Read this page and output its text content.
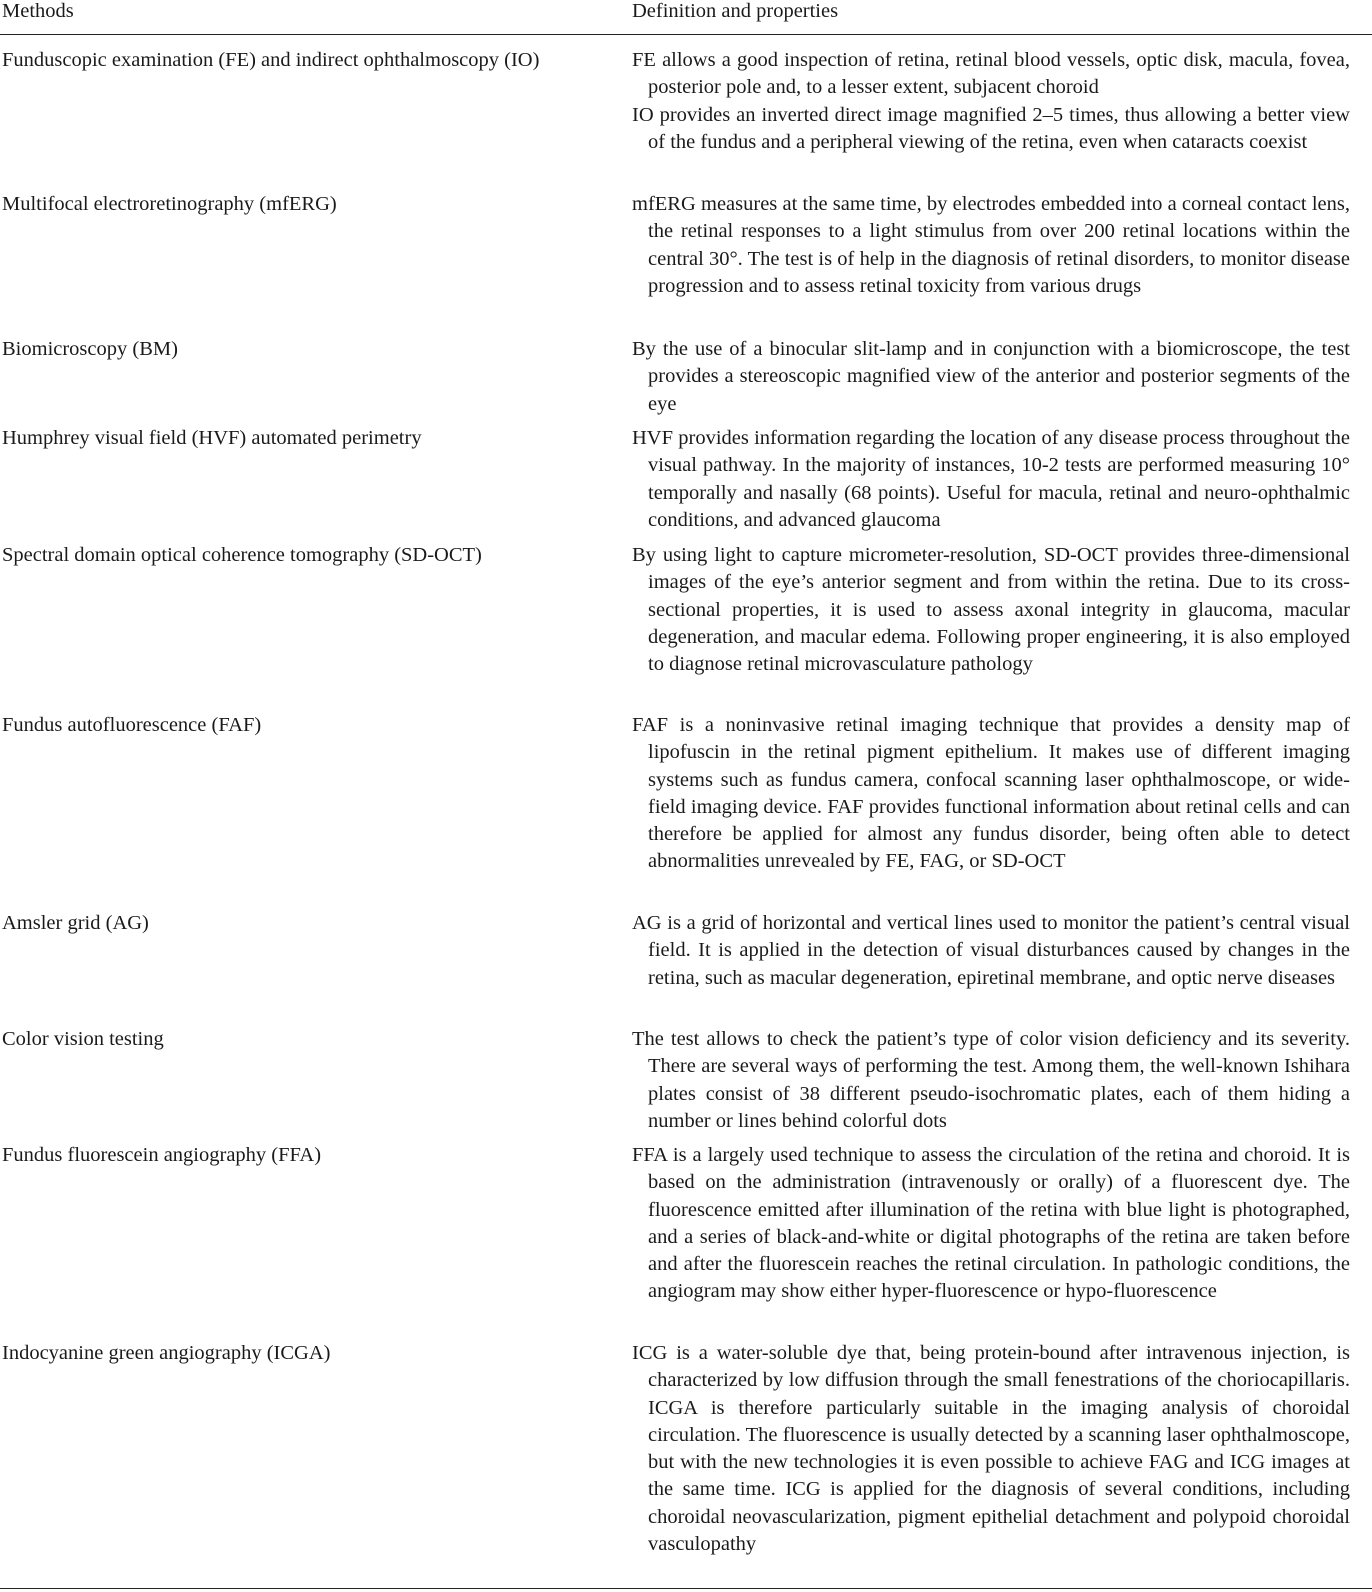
Methods	Definition and properties
Funduscopic examination (FE) and indirect ophthalmoscopy (IO)	FE allows a good inspection of retina, retinal blood vessels, optic disk, macula, fovea, posterior pole and, to a lesser extent, subjacent choroid

IO provides an inverted direct image magnified 2–5 times, thus allowing a better view of the fundus and a peripheral viewing of the retina, even when cataracts coexist

Multifocal electroretinography (mfERG)	mfERG measures at the same time, by electrodes embedded into a corneal contact lens, the retinal responses to a light stimulus from over 200 retinal locations within the central 30°. The test is of help in the diagnosis of retinal disorders, to monitor disease progression and to assess retinal toxicity from various drugs

Biomicroscopy (BM)	By the use of a binocular slit-lamp and in conjunction with a biomicroscope, the test provides a stereoscopic magnified view of the anterior and posterior segments of the eye

Humphrey visual field (HVF) automated perimetry	HVF provides information regarding the location of any disease process throughout the visual pathway. In the majority of instances, 10-2 tests are performed measuring 10° temporally and nasally (68 points). Useful for macula, retinal and neuro-ophthalmic conditions, and advanced glaucoma

Spectral domain optical coherence tomography (SD-OCT)	By using light to capture micrometer-resolution, SD-OCT provides three-dimensional images of the eye’s anterior segment and from within the retina. Due to its cross-sectional properties, it is used to assess axonal integrity in glaucoma, macular degeneration, and macular edema. Following proper engineering, it is also employed to diagnose retinal microvasculature pathology

Fundus autofluorescence (FAF)	FAF is a noninvasive retinal imaging technique that provides a density map of lipofuscin in the retinal pigment epithelium. It makes use of different imaging systems such as fundus camera, confocal scanning laser ophthalmoscope, or wide-field imaging device. FAF provides functional information about retinal cells and can therefore be applied for almost any fundus disorder, being often able to detect abnormalities unrevealed by FE, FAG, or SD-OCT

Amsler grid (AG)	AG is a grid of horizontal and vertical lines used to monitor the patient’s central visual field. It is applied in the detection of visual disturbances caused by changes in the retina, such as macular degeneration, epiretinal membrane, and optic nerve diseases

Color vision testing	The test allows to check the patient’s type of color vision deficiency and its severity. There are several ways of performing the test. Among them, the well-known Ishihara plates consist of 38 different pseudo-isochromatic plates, each of them hiding a number or lines behind colorful dots

Fundus fluorescein angiography (FFA)	FFA is a largely used technique to assess the circulation of the retina and choroid. It is based on the administration (intravenously or orally) of a fluorescent dye. The fluorescence emitted after illumination of the retina with blue light is photographed, and a series of black-and-white or digital photographs of the retina are taken before and after the fluorescein reaches the retinal circulation. In pathologic conditions, the angiogram may show either hyper-fluorescence or hypo-fluorescence

Indocyanine green angiography (ICGA)	ICG is a water-soluble dye that, being protein-bound after intravenous injection, is characterized by low diffusion through the small fenestrations of the choriocapillaris. ICGA is therefore particularly suitable in the imaging analysis of choroidal circulation. The fluorescence is usually detected by a scanning laser ophthalmoscope, but with the new technologies it is even possible to achieve FAG and ICG images at the same time. ICG is applied for the diagnosis of several conditions, including choroidal neovascularization, pigment epithelial detachment and polypoid choroidal vasculopathy
